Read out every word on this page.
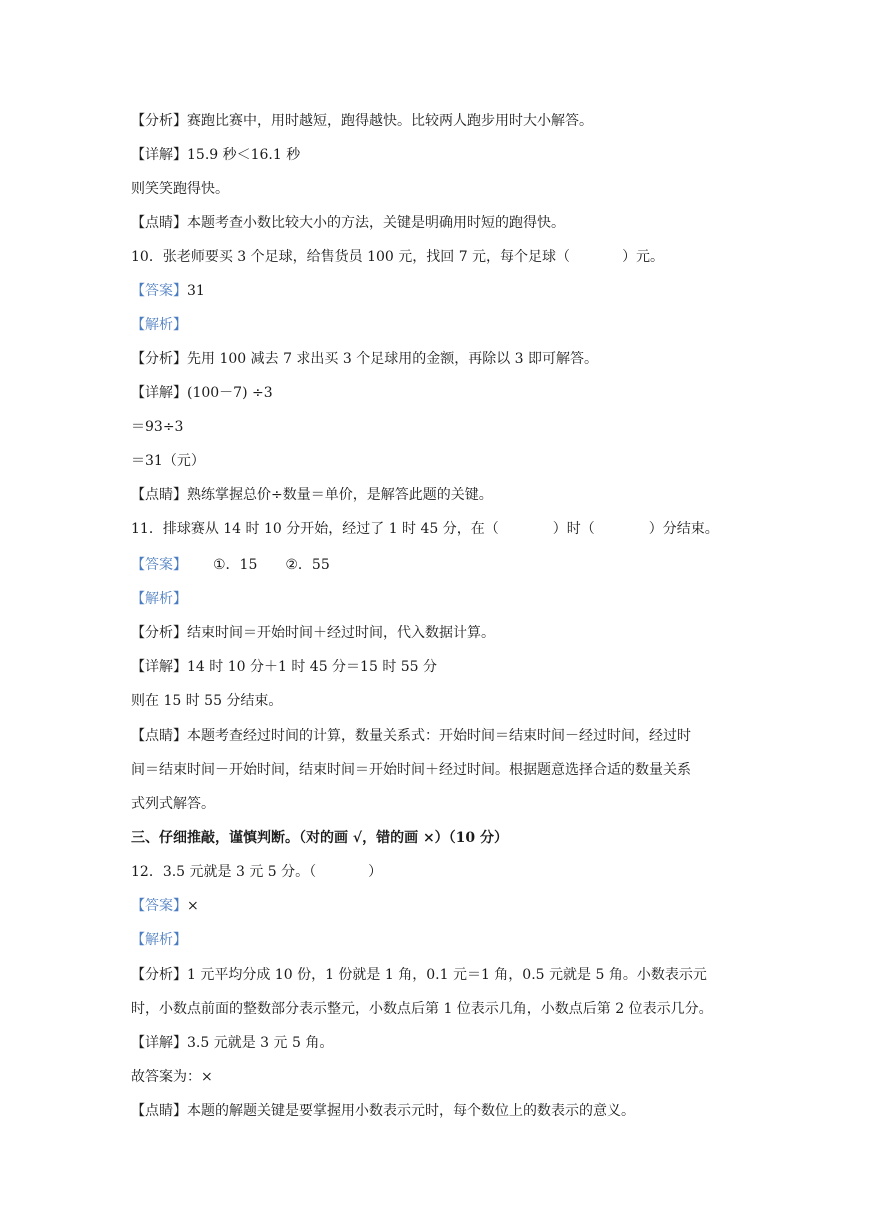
【分析】赛跑比赛中，用时越短，跑得越快。比较两人跑步用时大小解答。
【详解】15.9 秒＜16.1 秒
则笑笑跑得快。
【点睛】本题考查小数比较大小的方法，关键是明确用时短的跑得快。
10．张老师要买 3 个足球，给售货员 100 元，找回 7 元，每个足球（	）元。
【答案】31
【解析】
【分析】先用 100 减去 7 求出买 3 个足球用的金额，再除以 3 即可解答。
【详解】(100－7) ÷3
＝93÷3
＝31（元）
【点睛】熟练掌握总价÷数量＝单价，是解答此题的关键。
11．排球赛从 14 时 10 分开始，经过了 1 时 45 分，在（	）时（	）分结束。
【答案】 ①．15 ②．55
【解析】
【分析】结束时间＝开始时间＋经过时间，代入数据计算。
【详解】14 时 10 分＋1 时 45 分＝15 时 55 分
则在 15 时 55 分结束。
【点睛】本题考查经过时间的计算，数量关系式：开始时间＝结束时间－经过时间，经过时
间＝结束时间－开始时间，结束时间＝开始时间＋经过时间。根据题意选择合适的数量关系
式列式解答。
三、仔细推敲，谨慎判断。（对的画 √，错的画 ×）（10 分）
12．3.5 元就是 3 元 5 分。（	）
【答案】×
【解析】
【分析】1 元平均分成 10 份，1 份就是 1 角，0.1 元＝1 角，0.5 元就是 5 角。小数表示元
时，小数点前面的整数部分表示整元，小数点后第 1 位表示几角，小数点后第 2 位表示几分。
【详解】3.5 元就是 3 元 5 角。
故答案为：×
【点睛】本题的解题关键是要掌握用小数表示元时，每个数位上的数表示的意义。
